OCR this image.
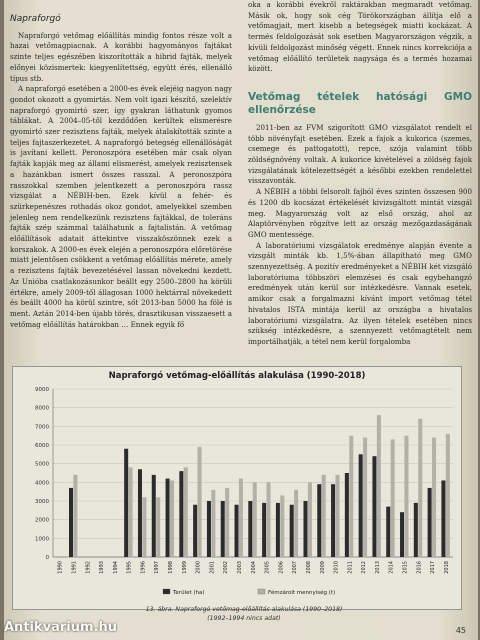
Napraforgó

Napraforgó vetőmag előállítás mindig fontos része volt a hazai vetőmagpiacnak. A korábbi hagyományos fajtákat szinte teljes egészében kiszorították a hibrid fajták, melyek előnyei közismertek: kiegyenlítettség, együtt érés, ellenálló típus stb.

A napraforgó esetében a 2000-es évek elejéig nagyon nagy gondot okozott a gyomirtás. Nem volt igazi készítő, szelektív napraforgó gyomirtó szer, így gyakran láthatunk gyomos táblákat. A 2004–05-től kezdődően kerültek elismerésre gyomirtó szer rezisztens fajták, melyek átalakították szinte a teljes fajtaszerkezetet. A napraforgó betegség ellenállóságát is javítani kellett. Peronoszpóra esetében már csak olyan fajták kapják meg az állami elismerést, amelyek rezisztensek a hazánkban ismert összes rasszal. A peronoszpóra rasszokkal szemben jelentkezett a peronoszpóra rassz vizsgálat a NÉBIH-ben. Ezek kívül a fehér- és szürkepenészes rothadás okoz gondot, amelyekkel szemben jelenleg nem rendelkezünk rezisztens fajtákkal, de toleráns fajták szép számmal találhatunk a fajtalistán. A vetőmag előállítások adatait áttekintve visszaköszönnek ezek a korszakok. A 2000-es évek elején a peronoszpóra előretörése miatt jelentősen csökkent a vetőmag előállítás mérete, amely a rezisztens fajták bevezetésével lassan növekedni kezdett. Az Unióba csatlakozásunkor beállt egy 2500–2800 ha körüli értékre, amely 2009-től állagosan 1000 hektárral növekedett és beállt 4000 ha körül szintre, sőt 2013-ban 5000 ha fölé is ment. Aztán 2014-ben újabb törés, drasztikusan visszaesett a vetőmag előállítás határokban … Ennek egyik fő

oka a korábbi évekről raktárakban megmaradt vetőmag. Másik ok, hogy sok cég Törökországban állítja elő a vetőmagjait, mert kisebb a betegségek miatti kockázat. A termés feldolgozását sok esetben Magyarországon végzik, a kívüli feldolgozást minőség végett. Ennek nincs korrekciója a vetőmag előállító területek nagysága és a termés hozamai között.

Vetőmag tételek hatósági GMO ellenőrzése

2011-ben az FVM szigorított GMO vizsgálatot rendelt el több növényfajt esetében. Ezek a fajok a kukorica (szemes, csemege és pattogatott), repce, szója valamint több zöldségnövény voltak. A kukorice kivételével a zöldség fajok vizsgálatának kötelezettségét a későbbi ezekben rendelettel visszavonták.

A NÉBIH a többi felsorolt fajból éves szinten összesen 900 és 1200 db kocsázat értékelését kivizsgáltott mintát vizsgál meg. Magyarország volt az első ország, ahol az Alaptörvényben rögzítve lett az ország mezőgazdaságának GMO mentessége.

A laboratóriumi vizsgálatok eredménye alapján évente a vizsgált minták kb. 1,5%-ában állapítható meg GMO szennyezettség. A pozitív eredményeket a NÉBIH két vizsgáló laboratóriuma többszöri elemzései és csak egybehangzó eredmények után kerül sor intézkedésre. Vannak esetek, amikor csak a forgalmazni kívánt import vetőmag tétel hivatalos ISTA mintája kerül az országba a hivatalos laboratóriumi vizsgálatra. Az ilyen tételek esetében nincs szükség intézkedésre, a szennyezett vetőmagtételt nem importálhatják, a tétel nem kerül forgalomba

Napraforgó vetőmag-előállítás alakulása (1990-2018)
0
1000
2000
3000
4000
5000
6000
7000
8000
9000
1990 1991 1992 1993 1994 1995 1996 1997 1998 1999 2000 2001 2002 2003 2004 2005 2006 2007 2008 2009 2010 2011 2012 2013 2014 2015 2016 2017 2018
Terület (ha)	Fémzárolt mennyiség (t)
13. ábra. Napraforgó vetőmag-előállítás alakulása (1990–2018)
(1992–1994 nincs adat)
45
Antikvarium.hu
